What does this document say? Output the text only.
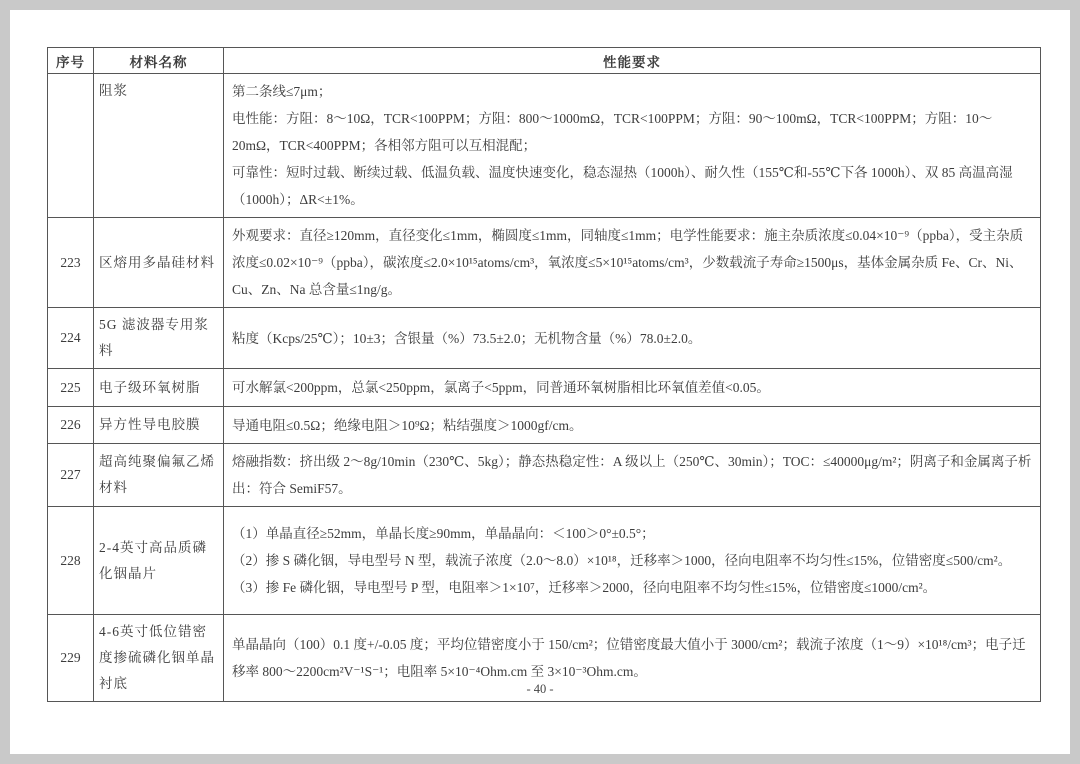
序号	材料名称	性能要求
	阻浆	第二条线≤7μm；

电性能：方阻：8～10Ω，TCR<100PPM；方阻：800～1000mΩ，TCR<100PPM；方阻：90～100mΩ，TCR<100PPM；方阻：10～20mΩ，TCR<400PPM；各相邻方阻可以互相混配；

可靠性：短时过载、断续过载、低温负载、温度快速变化，稳态湿热（1000h）、耐久性（155℃和-55℃下各 1000h）、双 85 高温高湿（1000h）；ΔR<±1%。

223	区熔用多晶硅材料	外观要求：直径≥120mm，直径变化≤1mm，椭圆度≤1mm，同轴度≤1mm；电学性能要求：施主杂质浓度≤0.04×10⁻⁹（ppba），受主杂质浓度≤0.02×10⁻⁹（ppba），碳浓度≤2.0×10¹⁵atoms/cm³，氧浓度≤5×10¹⁵atoms/cm³，少数载流子寿命≥1500μs，基体金属杂质 Fe、Cr、Ni、Cu、Zn、Na 总含量≤1ng/g。

224	5G 滤波器专用浆料	粘度（Kcps/25℃）；10±3；含银量（%）73.5±2.0；无机物含量（%）78.0±2.0。

225	电子级环氧树脂	可水解氯<200ppm，总氯<250ppm，氯离子<5ppm，同普通环氧树脂相比环氧值差值<0.05。

226	异方性导电胶膜	导通电阻≤0.5Ω；绝缘电阻＞10⁹Ω；粘结强度＞1000gf/cm。

227	超高纯聚偏氟乙烯材料	熔融指数：挤出级 2～8g/10min（230℃、5kg）；静态热稳定性：A 级以上（250℃、30min）；TOC：≤40000μg/m²；阴离子和金属离子析出：符合 SemiF57。

228	2-4英寸高品质磷化铟晶片	（1）单晶直径≥52mm，单晶长度≥90mm，单晶晶向：＜100＞0°±0.5°；

（2）掺 S 磷化铟，导电型号 N 型，载流子浓度（2.0～8.0）×10¹⁸，迁移率＞1000，径向电阻率不均匀性≤15%，位错密度≤500/cm²。

（3）掺 Fe 磷化铟，导电型号 P 型，电阻率＞1×10⁷，迁移率＞2000，径向电阻率不均匀性≤15%，位错密度≤1000/cm²。

229	4-6英寸低位错密度掺硫磷化铟单晶衬底	单晶晶向（100）0.1 度+/-0.05 度；平均位错密度小于 150/cm²；位错密度最大值小于 3000/cm²；载流子浓度（1～9）×10¹⁸/cm³；电子迁移率 800～2200cm²V⁻¹S⁻¹；电阻率 5×10⁻⁴Ohm.cm 至 3×10⁻³Ohm.cm。

- 40 -
